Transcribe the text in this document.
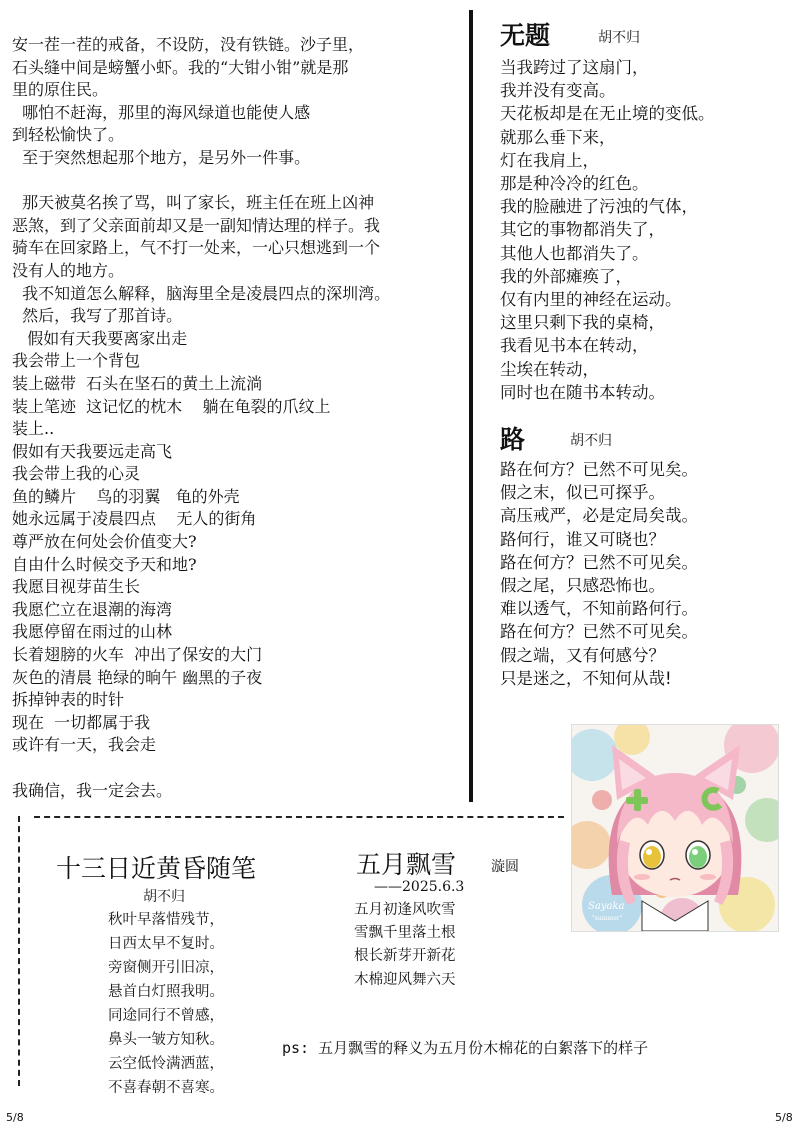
安一茬一茬的戒备，不设防，没有铁链。沙子里，
石头缝中间是螃蟹小虾。我的“大钳小钳”就是那
里的原住民。
哪怕不赶海，那里的海风绿道也能使人感
到轻松愉快了。
至于突然想起那个地方，是另外一件事。

那天被莫名挨了骂，叫了家长，班主任在班上凶神
恶煞，到了父亲面前却又是一副知情达理的样子。我
骑车在回家路上，气不打一处来，一心只想逃到一个
没有人的地方。
我不知道怎么解释，脑海里全是凌晨四点的深圳湾。
然后，我写了那首诗。
假如有天我要离家出走
我会带上一个背包
装上磁带  石头在坚石的黄土上流淌
装上笔迹  这记忆的枕木    躺在龟裂的爪纹上
装上..
假如有天我要远走高飞
我会带上我的心灵
鱼的鳞片    鸟的羽翼   龟的外壳
她永远属于凌晨四点    无人的街角
尊严放在何处会价值变大?
自由什么时候交予天和地?
我愿目视芽苗生长
我愿伫立在退潮的海湾
我愿停留在雨过的山林
长着翅膀的火车  冲出了保安的大门
灰色的清晨 艳绿的晌午 幽黑的子夜
拆掉钟表的时针
现在  一切都属于我
或许有一天，我会走

我确信，我一定会去。
无题	胡不归
当我跨过了这扇门，
我并没有变高。
天花板却是在无止境的变低。
就那么垂下来，
灯在我肩上，
那是种冷冷的红色。
我的脸融进了污浊的气体，
其它的事物都消失了，
其他人也都消失了。
我的外部瘫痪了，
仅有内里的神经在运动。
这里只剩下我的桌椅，
我看见书本在转动，
尘埃在转动，
同时也在随书本转动。
路	胡不归
路在何方？已然不可见矣。
假之末，似已可探乎。
高压戒严，必是定局矣哉。
路何行，谁又可晓也？
路在何方？已然不可见矣。
假之尾，只感恐怖也。
难以透气，不知前路何行。
路在何方？已然不可见矣。
假之端，又有何感兮？
只是迷之，不知何从哉!
Sayaka
"summer"
十三日近黄昏随笔
胡不归
秋叶早落惜残节，
日西太早不复时。
旁窗侧开引旧凉，
悬首白灯照我明。
同途同行不曾感，
鼻头一皱方知秋。
云空低怜满洒蓝，
不喜春朝不喜寒。
五月飘雪 漩圆
——2025.6.3
五月初逢风吹雪
雪飘千里落土根
根长新芽开新花
木棉迎风舞六天
ps: 五月飘雪的释义为五月份木棉花的白絮落下的样子
5/8	5/8
